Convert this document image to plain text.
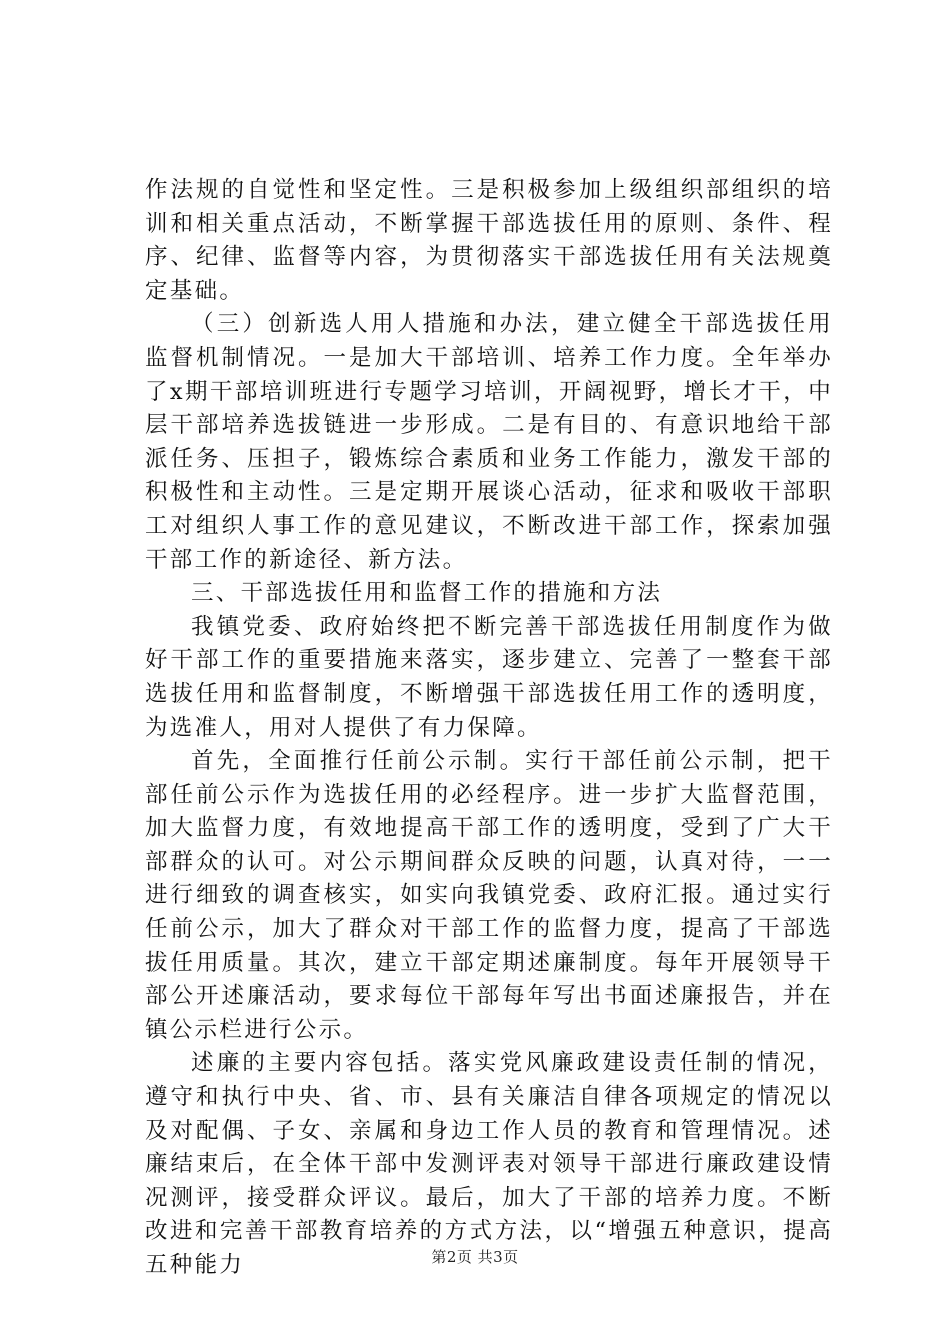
作法规的自觉性和坚定性。三是积极参加上级组织部组织的培训和相关重点活动，不断掌握干部选拔任用的原则、条件、程序、纪律、监督等内容，为贯彻落实干部选拔任用有关法规奠定基础。

（三）创新选人用人措施和办法，建立健全干部选拔任用监督机制情况。一是加大干部培训、培养工作力度。全年举办了x期干部培训班进行专题学习培训，开阔视野，增长才干，中层干部培养选拔链进一步形成。二是有目的、有意识地给干部派任务、压担子，锻炼综合素质和业务工作能力，激发干部的积极性和主动性。三是定期开展谈心活动，征求和吸收干部职工对组织人事工作的意见建议，不断改进干部工作，探索加强干部工作的新途径、新方法。

三、干部选拔任用和监督工作的措施和方法

我镇党委、政府始终把不断完善干部选拔任用制度作为做好干部工作的重要措施来落实，逐步建立、完善了一整套干部选拔任用和监督制度，不断增强干部选拔任用工作的透明度，为选准人，用对人提供了有力保障。

首先，全面推行任前公示制。实行干部任前公示制，把干部任前公示作为选拔任用的必经程序。进一步扩大监督范围，加大监督力度，有效地提高干部工作的透明度，受到了广大干部群众的认可。对公示期间群众反映的问题，认真对待，一一进行细致的调查核实，如实向我镇党委、政府汇报。通过实行任前公示，加大了群众对干部工作的监督力度，提高了干部选拔任用质量。其次，建立干部定期述廉制度。每年开展领导干部公开述廉活动，要求每位干部每年写出书面述廉报告，并在镇公示栏进行公示。

述廉的主要内容包括。落实党风廉政建设责任制的情况，遵守和执行中央、省、市、县有关廉洁自律各项规定的情况以及对配偶、子女、亲属和身边工作人员的教育和管理情况。述廉结束后，在全体干部中发测评表对领导干部进行廉政建设情况测评，接受群众评议。最后，加大了干部的培养力度。不断改进和完善干部教育培养的方式方法，以“增强五种意识，提高五种能力	第2页 共3页
